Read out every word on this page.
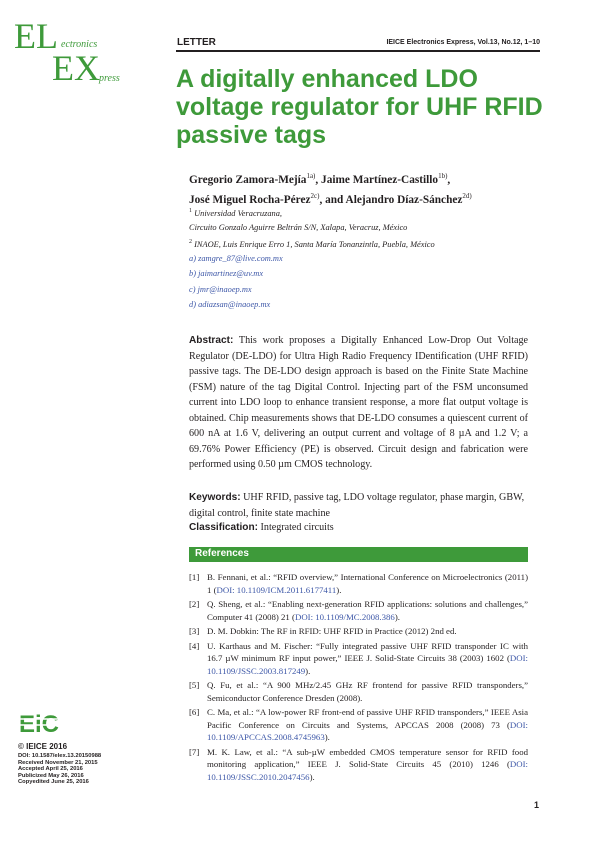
EL ectronics
EX press
LETTER	IEICE Electronics Express, Vol.13, No.12, 1–10
A digitally enhanced LDO voltage regulator for UHF RFID passive tags
Gregorio Zamora-Mejía$^{1a)}$, Jaime Martínez-Castillo$^{1b)}$,
José Miguel Rocha-Pérez$^{2c)}$, and Alejandro Díaz-Sánchez$^{2d)}$
$^1$ Universidad Veracruzana,
Circuito Gonzalo Aguirre Beltrán S/N, Xalapa, Veracruz, México
$^2$ INAOE, Luis Enrique Erro 1, Santa María Tonanzintla, Puebla, México
a) zamgre_87@live.com.mx
b) jaimartinez@uv.mx
c) jmr@inaoep.mx
d) adiazsan@inaoep.mx
Abstract: This work proposes a Digitally Enhanced Low-Drop Out Voltage Regulator (DE-LDO) for Ultra High Radio Frequency IDentification (UHF RFID) passive tags. The DE-LDO design approach is based on the Finite State Machine (FSM) nature of the tag Digital Control. Injecting part of the FSM unconsumed current into LDO loop to enhance transient response, a more flat output voltage is obtained. Chip measurements shows that DE-LDO consumes a quiescent current of 600 nA at 1.6 V, delivering an output current and voltage of 8 µA and 1.2 V; a 69.76% Power Efficiency (PE) is observed. Circuit design and fabrication were performed using 0.50 µm CMOS technology.
Keywords: UHF RFID, passive tag, LDO voltage regulator, phase margin, GBW, digital control, finite state machine
Classification: Integrated circuits
References
[1] B. Fennani, et al.: “RFID overview,” International Conference on Microelectronics (2011) 1 (DOI: 10.1109/ICM.2011.6177411).
[2] Q. Sheng, et al.: “Enabling next-generation RFID applications: solutions and challenges,” Computer 41 (2008) 21 (DOI: 10.1109/MC.2008.386).
[3] D. M. Dobkin: The RF in RFID: UHF RFID in Practice (2012) 2nd ed.
[4] U. Karthaus and M. Fischer: “Fully integrated passive UHF RFID transponder IC with 16.7 µW minimum RF input power,” IEEE J. Solid-State Circuits 38 (2003) 1602 (DOI: 10.1109/JSSC.2003.817249).
[5] Q. Fu, et al.: “A 900 MHz/2.45 GHz RF frontend for passive RFID transponders,” Semiconductor Conference Dresden (2008).
[6] C. Ma, et al.: “A low-power RF front-end of passive UHF RFID transponders,” IEEE Asia Pacific Conference on Circuits and Systems, APCCAS 2008 (2008) 73 (DOI: 10.1109/APCCAS.2008.4745963).
[7] M. K. Law, et al.: “A sub-µW embedded CMOS temperature sensor for RFID food monitoring application,” IEEE J. Solid-State Circuits 45 (2010) 1246 (DOI: 10.1109/JSSC.2010.2047456).
EiC
© IEICE 2016
DOI: 10.1587/elex.13.20150988
Received November 21, 2015
Accepted April 25, 2016
Publicized May 26, 2016
Copyedited June 25, 2016
1
